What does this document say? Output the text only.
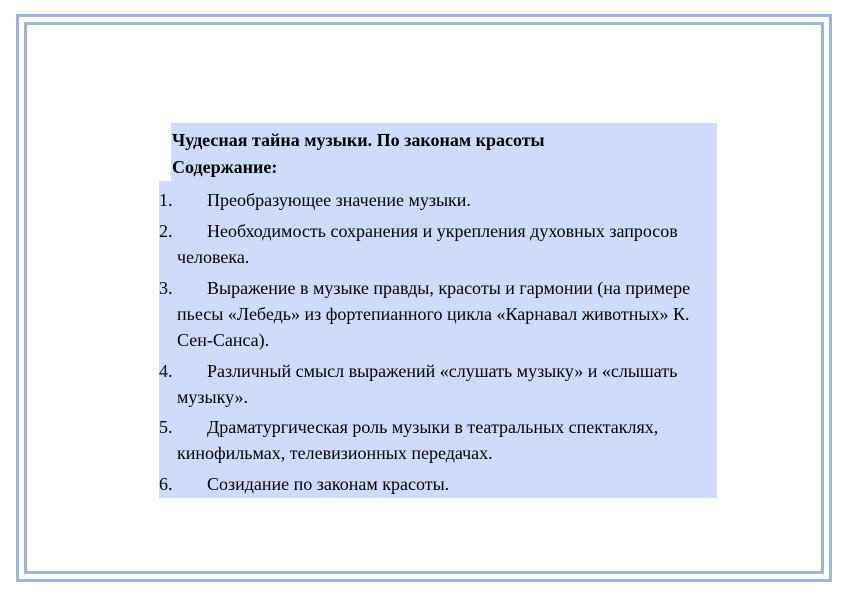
Чудесная тайна музыки. По законам красоты
Содержание:
1.	Преобразующее значение музыки.
2.	Необходимость сохранения и укрепления духовных запросов человека.
3.	Выражение в музыке правды, красоты и гармонии (на примере пьесы «Лебедь» из фортепианного цикла «Карнавал животных» К. Сен-Санса).
4.	Различный смысл выражений «слушать музыку» и «слышать музыку».
5.	Драматургическая роль музыки в театральных спектаклях, кинофильмах, телевизионных передачах.
6.	Созидание по законам красоты.
